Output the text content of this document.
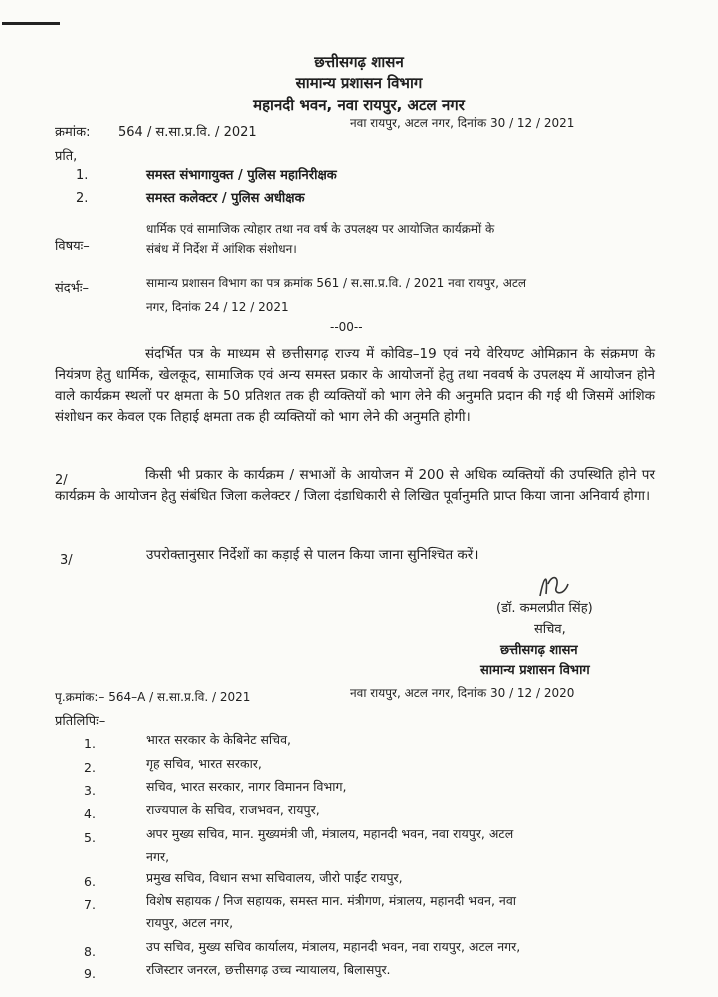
छत्तीसगढ़ शासन
सामान्य प्रशासन विभाग
महानदी भवन, नवा रायपुर, अटल नगर
क्रमांक: 564 / स.सा.प्र.वि. / 2021
नवा रायपुर, अटल नगर, दिनांक 30 / 12 / 2021
प्रति,
1.	समस्त संभागायुक्त / पुलिस महानिरीक्षक
2.	समस्त कलेक्टर / पुलिस अधीक्षक
विषयः–
धार्मिक एवं सामाजिक त्योहार तथा नव वर्ष के उपलक्ष्य पर आयोजित कार्यक्रमों के
संबंध में निर्देश में आंशिक संशोधन।
संदर्भः–	सामान्य प्रशासन विभाग का पत्र क्रमांक 561 / स.सा.प्र.वि. / 2021 नवा रायपुर, अटल
नगर, दिनांक 24 / 12 / 2021
--00--
संदर्भित पत्र के माध्यम से छत्तीसगढ़ राज्य में कोविड–19 एवं नये वेरियण्ट ओमिक्रान के संक्रमण के नियंत्रण हेतु धार्मिक, खेलकूद, सामाजिक एवं अन्य समस्त प्रकार के आयोजनों हेतु तथा नववर्ष के उपलक्ष्य में आयोजन होने वाले कार्यक्रम स्थलों पर क्षमता के 50 प्रतिशत तक ही व्यक्तियों को भाग लेने की अनुमति प्रदान की गई थी जिसमें आंशिक संशोधन कर केवल एक तिहाई क्षमता तक ही व्यक्तियों को भाग लेने की अनुमति होगी।
2/	किसी भी प्रकार के कार्यक्रम / सभाओं के आयोजन में 200 से अधिक व्यक्तियों की उपस्थिति होने पर कार्यक्रम के आयोजन हेतु संबंधित जिला कलेक्टर / जिला दंडाधिकारी से लिखित पूर्वानुमति प्राप्त किया जाना अनिवार्य होगा।
3/	उपरोक्तानुसार निर्देशों का कड़ाई से पालन किया जाना सुनिश्चित करें।
(डॉ. कमलप्रीत सिंह)
सचिव,
छत्तीसगढ़ शासन
सामान्य प्रशासन विभाग
पृ.क्रमांक:– 564–A / स.सा.प्र.वि. / 2021	नवा रायपुर, अटल नगर, दिनांक 30 / 12 / 2020
प्रतिलिपिः–
1.	भारत सरकार के केबिनेट सचिव,
2.	गृह सचिव, भारत सरकार,
3.	सचिव, भारत सरकार, नागर विमानन विभाग,
4.	राज्यपाल के सचिव, राजभवन, रायपुर,
5.	अपर मुख्य सचिव, मान. मुख्यमंत्री जी, मंत्रालय, महानदी भवन, नवा रायपुर, अटल
नगर,
6.	प्रमुख सचिव, विधान सभा सचिवालय, जीरो पाईंट रायपुर,
7.	विशेष सहायक / निज सहायक, समस्त मान. मंत्रीगण, मंत्रालय, महानदी भवन, नवा
रायपुर, अटल नगर,
8.	उप सचिव, मुख्य सचिव कार्यालय, मंत्रालय, महानदी भवन, नवा रायपुर, अटल नगर,
9.	रजिस्टार जनरल, छत्तीसगढ़ उच्च न्यायालय, बिलासपुर.
